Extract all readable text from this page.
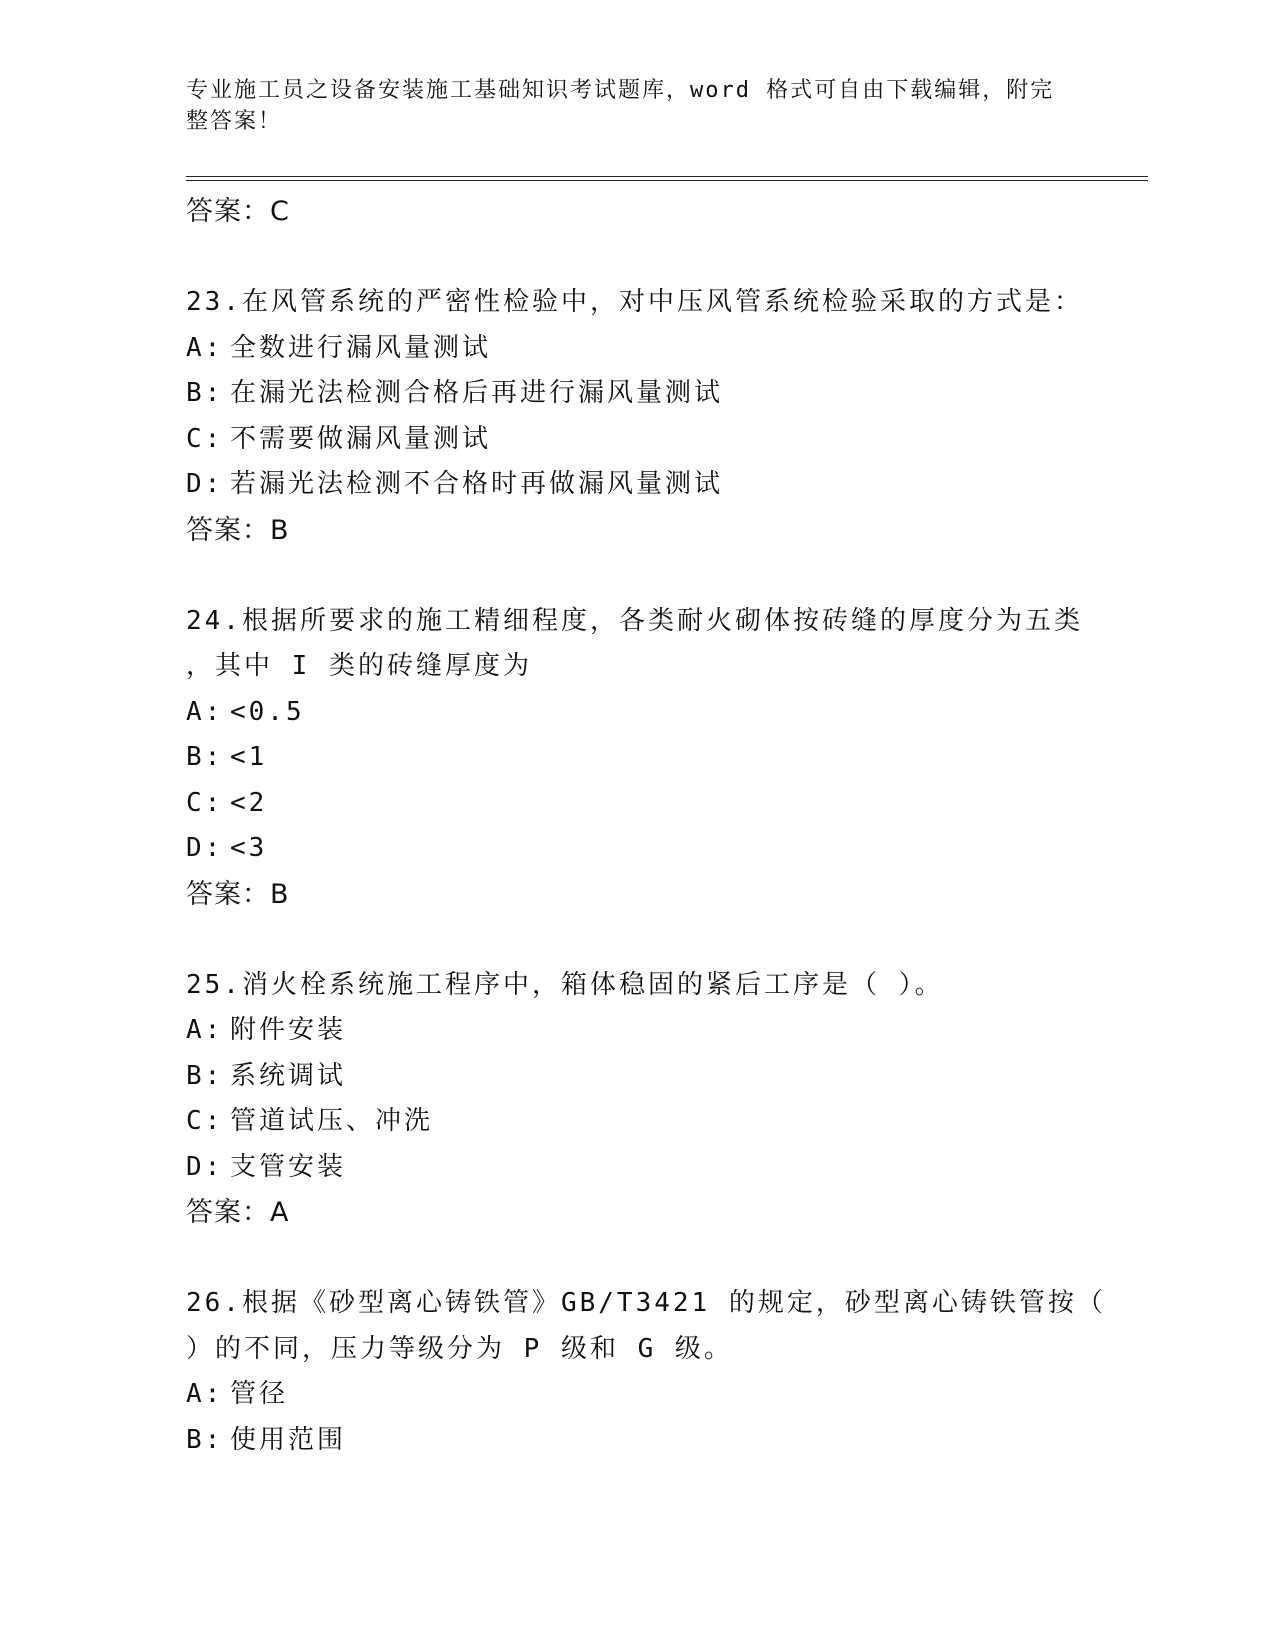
专业施工员之设备安装施工基础知识考试题库，word 格式可自由下载编辑，附完
整答案！
答案：C
23.在风管系统的严密性检验中，对中压风管系统检验采取的方式是：
A: 全数进行漏风量测试
B: 在漏光法检测合格后再进行漏风量测试
C: 不需要做漏风量测试
D: 若漏光法检测不合格时再做漏风量测试
答案：B
24.根据所要求的施工精细程度，各类耐火砌体按砖缝的厚度分为五类
，其中 I 类的砖缝厚度为
A: <0.5
B: <1
C: <2
D: <3
答案：B
25.消火栓系统施工程序中，箱体稳固的紧后工序是（ ）。
A: 附件安装
B: 系统调试
C: 管道试压、冲洗
D: 支管安装
答案：A
26.根据《砂型离心铸铁管》GB/T3421 的规定，砂型离心铸铁管按（
）的不同，压力等级分为 P 级和 G 级。
A: 管径
B: 使用范围
